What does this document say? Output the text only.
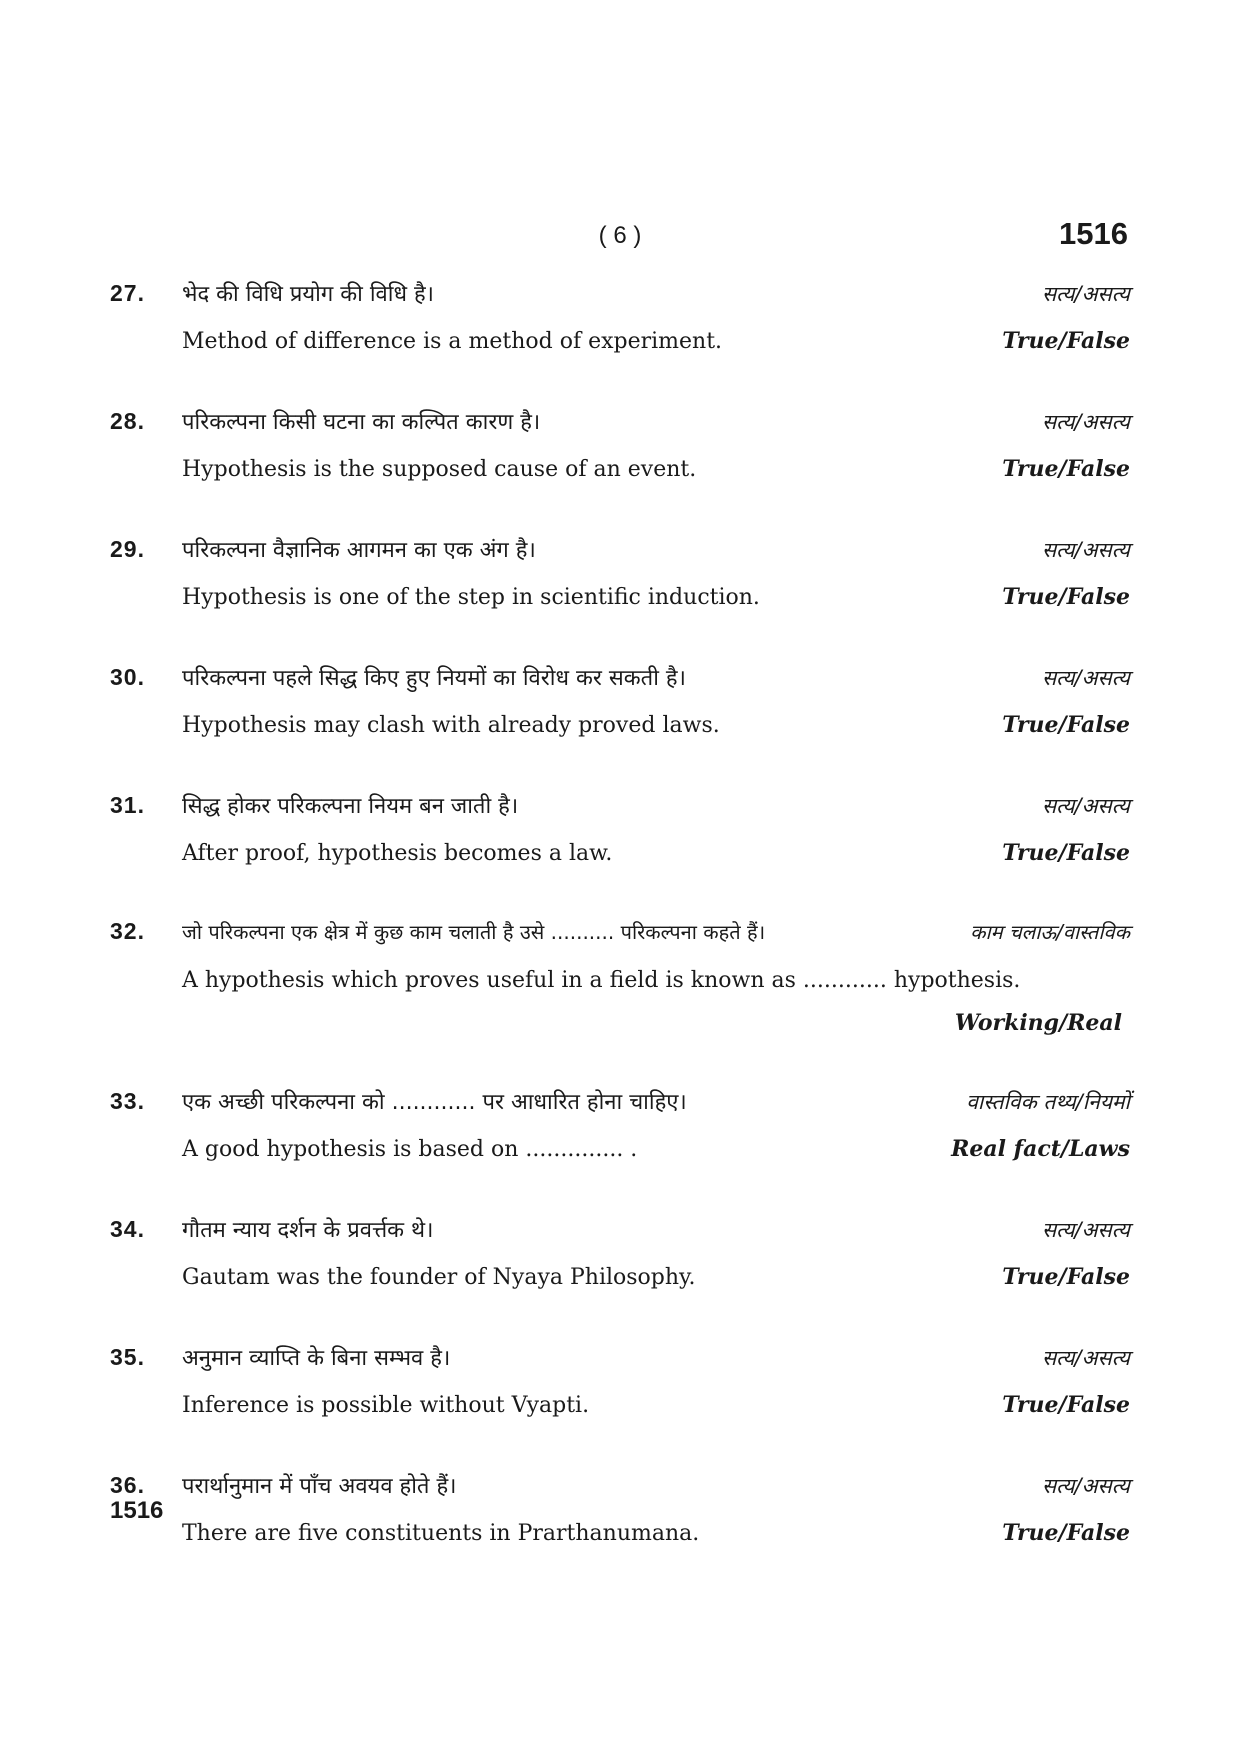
( 6 )	1516
27.	भेद की विधि प्रयोग की विधि है।	सत्य/असत्य
Method of difference is a method of experiment.	True/False
28.	परिकल्पना किसी घटना का कल्पित कारण है।	सत्य/असत्य
Hypothesis is the supposed cause of an event.	True/False
29.	परिकल्पना वैज्ञानिक आगमन का एक अंग है।	सत्य/असत्य
Hypothesis is one of the step in scientific induction.	True/False
30.	परिकल्पना पहले सिद्ध किए हुए नियमों का विरोध कर सकती है।	सत्य/असत्य
Hypothesis may clash with already proved laws.	True/False
31.	सिद्ध होकर परिकल्पना नियम बन जाती है।	सत्य/असत्य
After proof, hypothesis becomes a law.	True/False
32.	जो परिकल्पना एक क्षेत्र में कुछ काम चलाती है उसे .......... परिकल्पना कहते हैं।	काम चलाऊ/वास्तविक
A hypothesis which proves useful in a field is known as ............ hypothesis.
Working/Real
33.	एक अच्छी परिकल्पना को ............ पर आधारित होना चाहिए।	वास्तविक तथ्य/नियमों
A good hypothesis is based on .............. .	Real fact/Laws
34.	गौतम न्याय दर्शन के प्रवर्त्तक थे।	सत्य/असत्य
Gautam was the founder of Nyaya Philosophy.	True/False
35.	अनुमान व्याप्ति के बिना सम्भव है।	सत्य/असत्य
Inference is possible without Vyapti.	True/False
36.	परार्थानुमान में पाँच अवयव होते हैं।	सत्य/असत्य
There are five constituents in Prarthanumana.	True/False
1516
